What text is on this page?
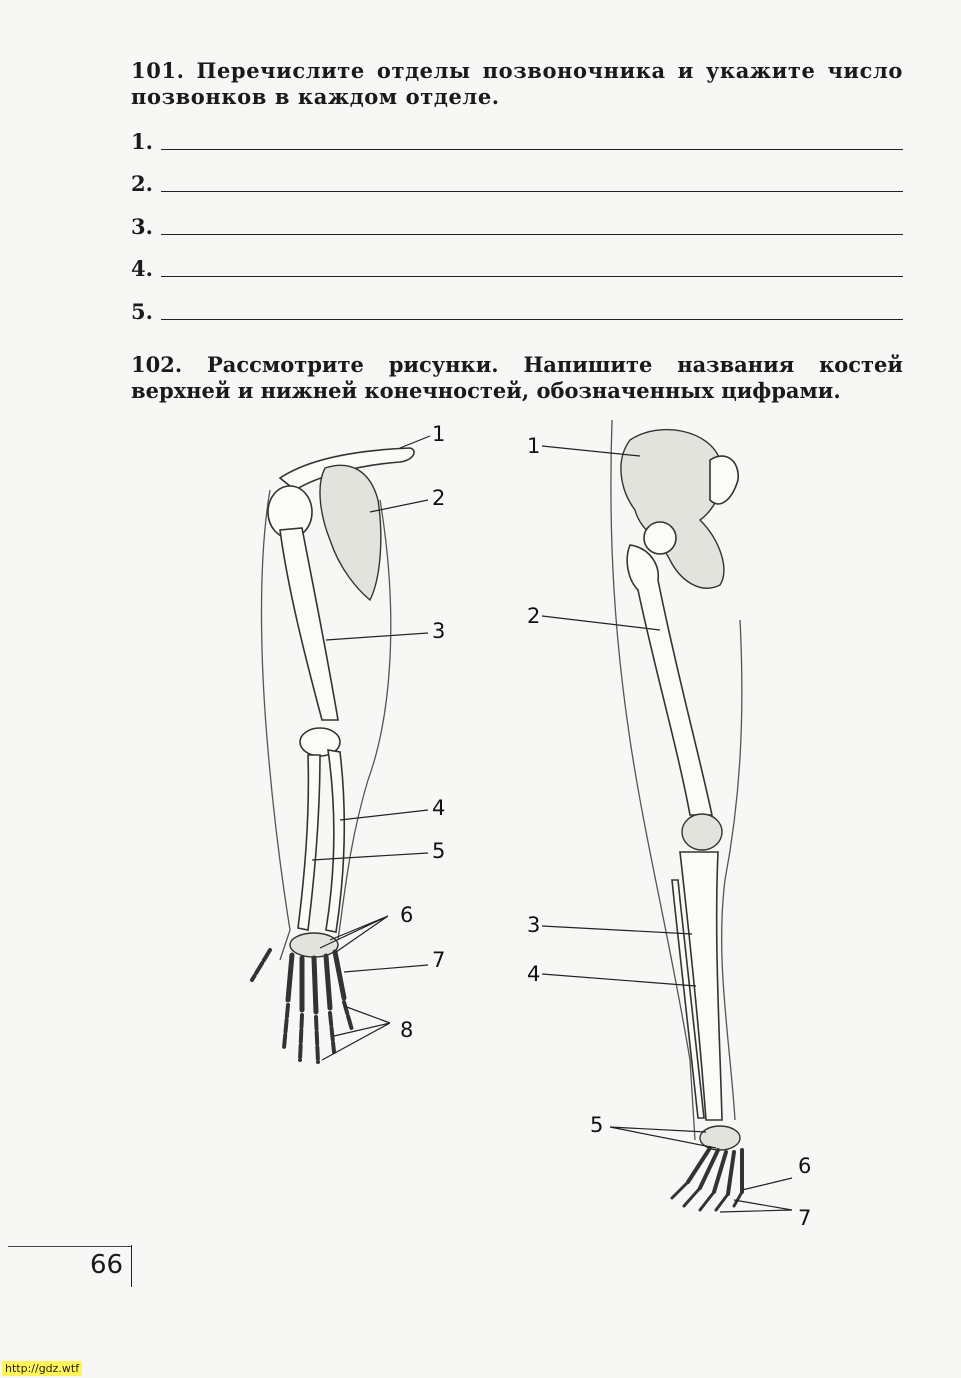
101. Перечислите отделы позвоночника и укажите число позвонков в каждом отделе.
1.
2.
3.
4.
5.
102. Рассмотрите рисунки. Напишите названия костей верхней и нижней конечностей, обозначенных цифрами.
1
2
3
4
5
6
7
8
1
2
3
4
5
6
7
66
http://gdz.wtf
